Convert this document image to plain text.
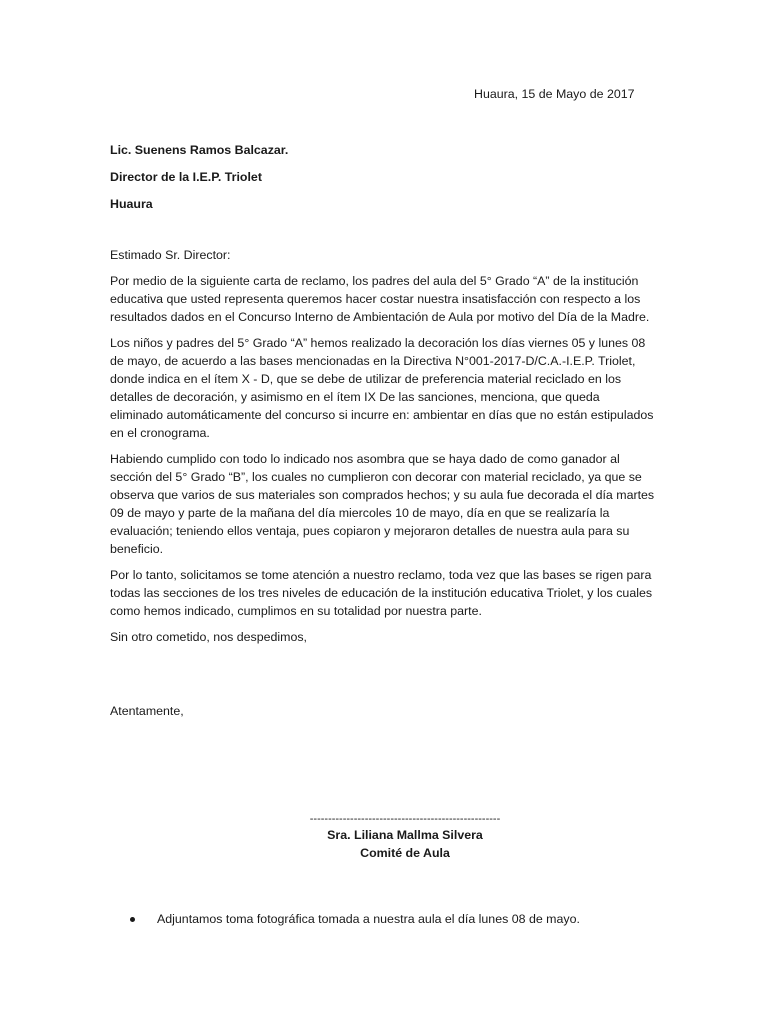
Huaura, 15 de Mayo de 2017
Lic. Suenens Ramos Balcazar.
Director de la I.E.P. Triolet
Huaura

Estimado Sr. Director:

Por medio de la siguiente carta de reclamo, los padres del aula del 5° Grado “A” de la institución educativa que usted representa queremos hacer costar nuestra insatisfacción con respecto a los resultados dados en el Concurso Interno de Ambientación de Aula por motivo del Día de la Madre.

Los niños y padres del 5° Grado “A” hemos realizado la decoración los días viernes 05 y lunes 08 de mayo, de acuerdo a las bases mencionadas en la Directiva N°001-2017-D/C.A.-I.E.P. Triolet, donde indica en el ítem X - D, que se debe de utilizar de preferencia material reciclado en los detalles de decoración, y asimismo en el ítem IX De las sanciones, menciona, que queda eliminado automáticamente del concurso si incurre en: ambientar en días que no están estipulados en el cronograma.

Habiendo cumplido con todo lo indicado nos asombra que se haya dado de como ganador al sección del 5° Grado “B”, los cuales no cumplieron con decorar con material reciclado, ya que se observa que varios de sus materiales son comprados hechos; y su aula fue decorada el día martes 09 de mayo y parte de la mañana del día miercoles 10 de mayo, día en que se realizaría la evaluación; teniendo ellos ventaja, pues copiaron y mejoraron detalles de nuestra aula para su beneficio.

Por lo tanto, solicitamos se tome atención a nuestro reclamo, toda vez que las bases se rigen para todas las secciones de los tres niveles de educación de la institución educativa Triolet, y los cuales como hemos indicado, cumplimos en su totalidad por nuestra parte.

Sin otro cometido, nos despedimos,

Atentamente,
----------------------------------------------------
Sra. Liliana Mallma Silvera
Comité de Aula
Adjuntamos toma fotográfica tomada a nuestra aula el día lunes 08 de mayo.
